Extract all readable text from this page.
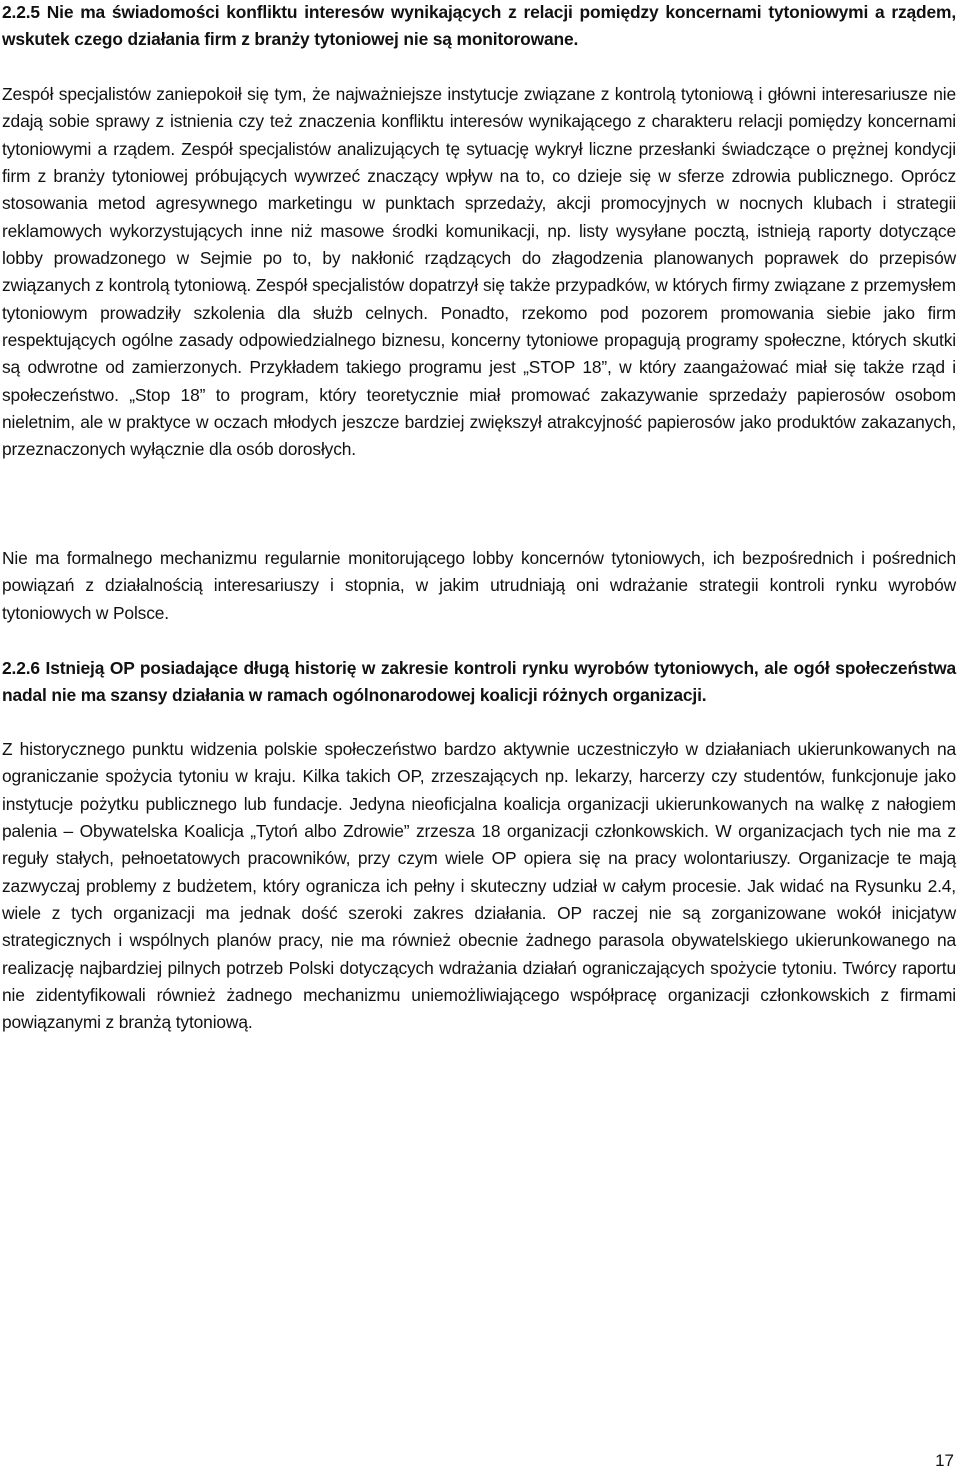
2.2.5 Nie ma świadomości konfliktu interesów wynikających z relacji pomiędzy koncernami tytoniowymi a rządem, wskutek czego działania firm z branży tytoniowej nie są monitorowane.

Zespół specjalistów zaniepokoił się tym, że najważniejsze instytucje związane z kontrolą tytoniową i główni interesariusze nie zdają sobie sprawy z istnienia czy też znaczenia konfliktu interesów wynikającego z charakteru relacji pomiędzy koncernami tytoniowymi a rządem. Zespół specjalistów analizujących tę sytuację wykrył liczne przesłanki świadczące o prężnej kondycji firm z branży tytoniowej próbujących wywrzeć znaczący wpływ na to, co dzieje się w sferze zdrowia publicznego. Oprócz stosowania metod agresywnego marketingu w punktach sprzedaży, akcji promocyjnych w nocnych klubach i strategii reklamowych wykorzystujących inne niż masowe środki komunikacji, np. listy wysyłane pocztą, istnieją raporty dotyczące lobby prowadzonego w Sejmie po to, by nakłonić rządzących do złagodzenia planowanych poprawek do przepisów związanych z kontrolą tytoniową. Zespół specjalistów dopatrzył się także przypadków, w których firmy związane z przemysłem tytoniowym prowadziły szkolenia dla służb celnych. Ponadto, rzekomo pod pozorem promowania siebie jako firm respektujących ogólne zasady odpowiedzialnego biznesu, koncerny tytoniowe propagują programy społeczne, których skutki są odwrotne od zamierzonych. Przykładem takiego programu jest „STOP 18”, w który zaangażować miał się także rząd i społeczeństwo. „Stop 18” to program, który teoretycznie miał promować zakazywanie sprzedaży papierosów osobom nieletnim, ale w praktyce w oczach młodych jeszcze bardziej zwiększył atrakcyjność papierosów jako produktów zakazanych, przeznaczonych wyłącznie dla osób dorosłych.

Nie ma formalnego mechanizmu regularnie monitorującego lobby koncernów tytoniowych, ich bezpośrednich i pośrednich powiązań z działalnością interesariuszy i stopnia, w jakim utrudniają oni wdrażanie strategii kontroli rynku wyrobów tytoniowych w Polsce.

2.2.6 Istnieją OP posiadające długą historię w zakresie kontroli rynku wyrobów tytoniowych, ale ogół społeczeństwa nadal nie ma szansy działania w ramach ogólnonarodowej koalicji różnych organizacji.

Z historycznego punktu widzenia polskie społeczeństwo bardzo aktywnie uczestniczyło w działaniach ukierunkowanych na ograniczanie spożycia tytoniu w kraju. Kilka takich OP, zrzeszających np. lekarzy, harcerzy czy studentów, funkcjonuje jako instytucje pożytku publicznego lub fundacje. Jedyna nieoficjalna koalicja organizacji ukierunkowanych na walkę z nałogiem palenia – Obywatelska Koalicja „Tytoń albo Zdrowie” zrzesza 18 organizacji członkowskich. W organizacjach tych nie ma z reguły stałych, pełnoetatowych pracowników, przy czym wiele OP opiera się na pracy wolontariuszy. Organizacje te mają zazwyczaj problemy z budżetem, który ogranicza ich pełny i skuteczny udział w całym procesie. Jak widać na Rysunku 2.4, wiele z tych organizacji ma jednak dość szeroki zakres działania. OP raczej nie są zorganizowane wokół inicjatyw strategicznych i wspólnych planów pracy, nie ma również obecnie żadnego parasola obywatelskiego ukierunkowanego na realizację najbardziej pilnych potrzeb Polski dotyczących wdrażania działań ograniczających spożycie tytoniu. Twórcy raportu nie zidentyfikowali również żadnego mechanizmu uniemożliwiającego współpracę organizacji członkowskich z firmami powiązanymi z branżą tytoniową.

17
